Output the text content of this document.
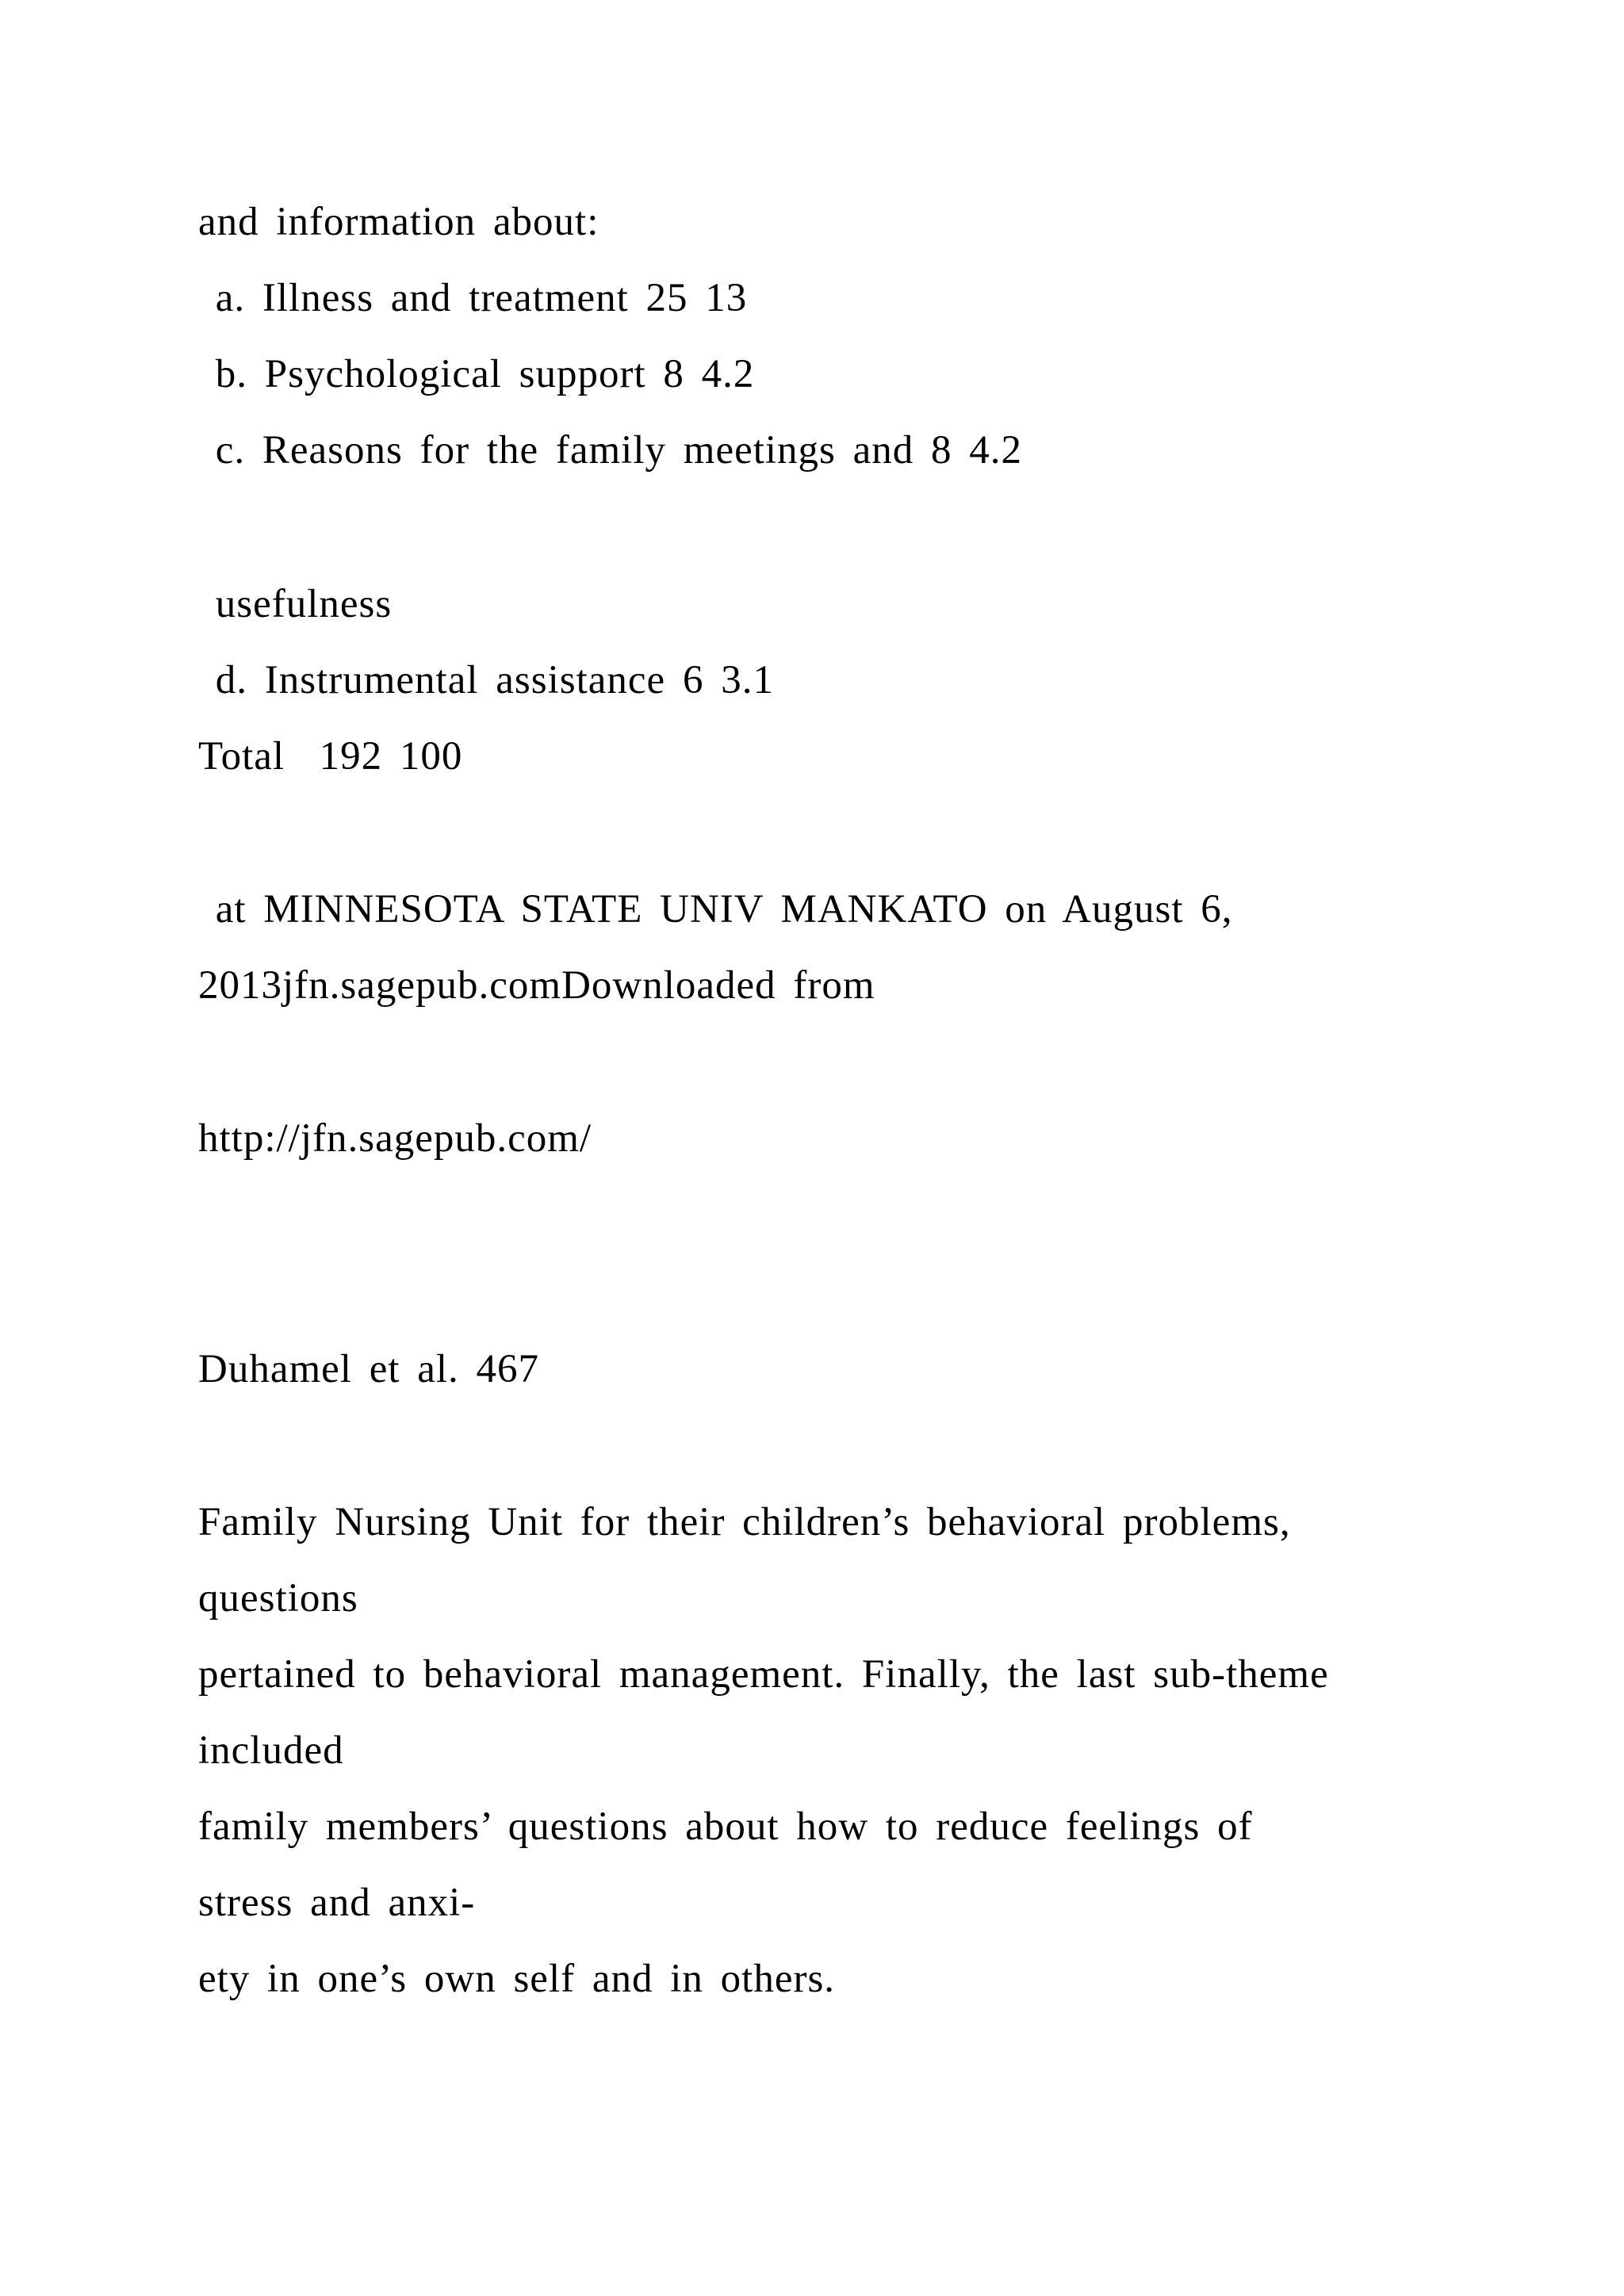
and information about:
a. Illness and treatment 25 13
b. Psychological support 8 4.2
c. Reasons for the family meetings and 8 4.2
usefulness
d. Instrumental assistance 6 3.1
Total  192 100
at MINNESOTA STATE UNIV MANKATO on August 6,
2013jfn.sagepub.comDownloaded from
http://jfn.sagepub.com/
Duhamel et al. 467
Family Nursing Unit for their children’s behavioral problems,
questions
pertained to behavioral management. Finally, the last sub-theme
included
family members’ questions about how to reduce feelings of
stress and anxi-
ety in one’s own self and in others.
